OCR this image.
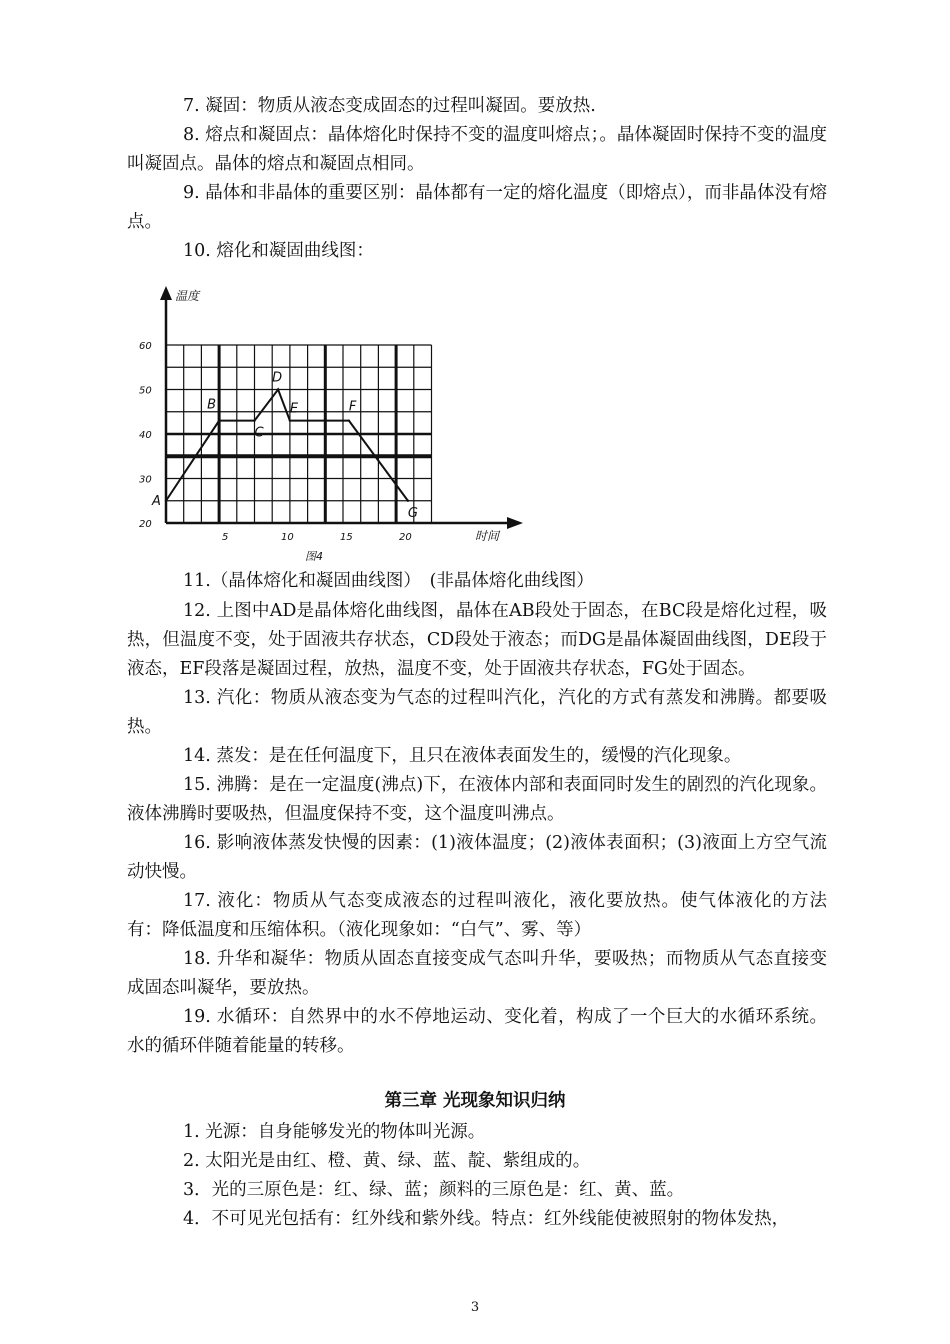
7. 凝固：物质从液态变成固态的过程叫凝固。要放热.

8. 熔点和凝固点：晶体熔化时保持不变的温度叫熔点；。晶体凝固时保持不变的温度叫凝固点。晶体的熔点和凝固点相同。

9. 晶体和非晶体的重要区别：晶体都有一定的熔化温度（即熔点），而非晶体没有熔点。

10. 熔化和凝固曲线图：

温度
时间
图4
20
30
40
50
60
5	10	15	20
A
B
C
D
E	F
G

11.（晶体熔化和凝固曲线图）　(非晶体熔化曲线图）

12. 上图中AD是晶体熔化曲线图，晶体在AB段处于固态，在BC段是熔化过程，吸热，但温度不变，处于固液共存状态，CD段处于液态；而DG是晶体凝固曲线图，DE段于液态，EF段落是凝固过程，放热，温度不变，处于固液共存状态，FG处于固态。

13. 汽化：物质从液态变为气态的过程叫汽化，汽化的方式有蒸发和沸腾。都要吸热。

14. 蒸发：是在任何温度下，且只在液体表面发生的，缓慢的汽化现象。

15. 沸腾：是在一定温度(沸点)下，在液体内部和表面同时发生的剧烈的汽化现象。液体沸腾时要吸热，但温度保持不变，这个温度叫沸点。

16. 影响液体蒸发快慢的因素：(1)液体温度；(2)液体表面积；(3)液面上方空气流动快慢。

17. 液化：物质从气态变成液态的过程叫液化，液化要放热。使气体液化的方法有：降低温度和压缩体积。（液化现象如：“白气”、雾、等）

18. 升华和凝华：物质从固态直接变成气态叫升华，要吸热；而物质从气态直接变成固态叫凝华，要放热。

19. 水循环：自然界中的水不停地运动、变化着，构成了一个巨大的水循环系统。水的循环伴随着能量的转移。

第三章 光现象知识归纳

1. 光源：自身能够发光的物体叫光源。

2. 太阳光是由红、橙、黄、绿、蓝、靛、紫组成的。

3．光的三原色是：红、绿、蓝；颜料的三原色是：红、黄、蓝。

4．不可见光包括有：红外线和紫外线。特点：红外线能使被照射的物体发热，

3
